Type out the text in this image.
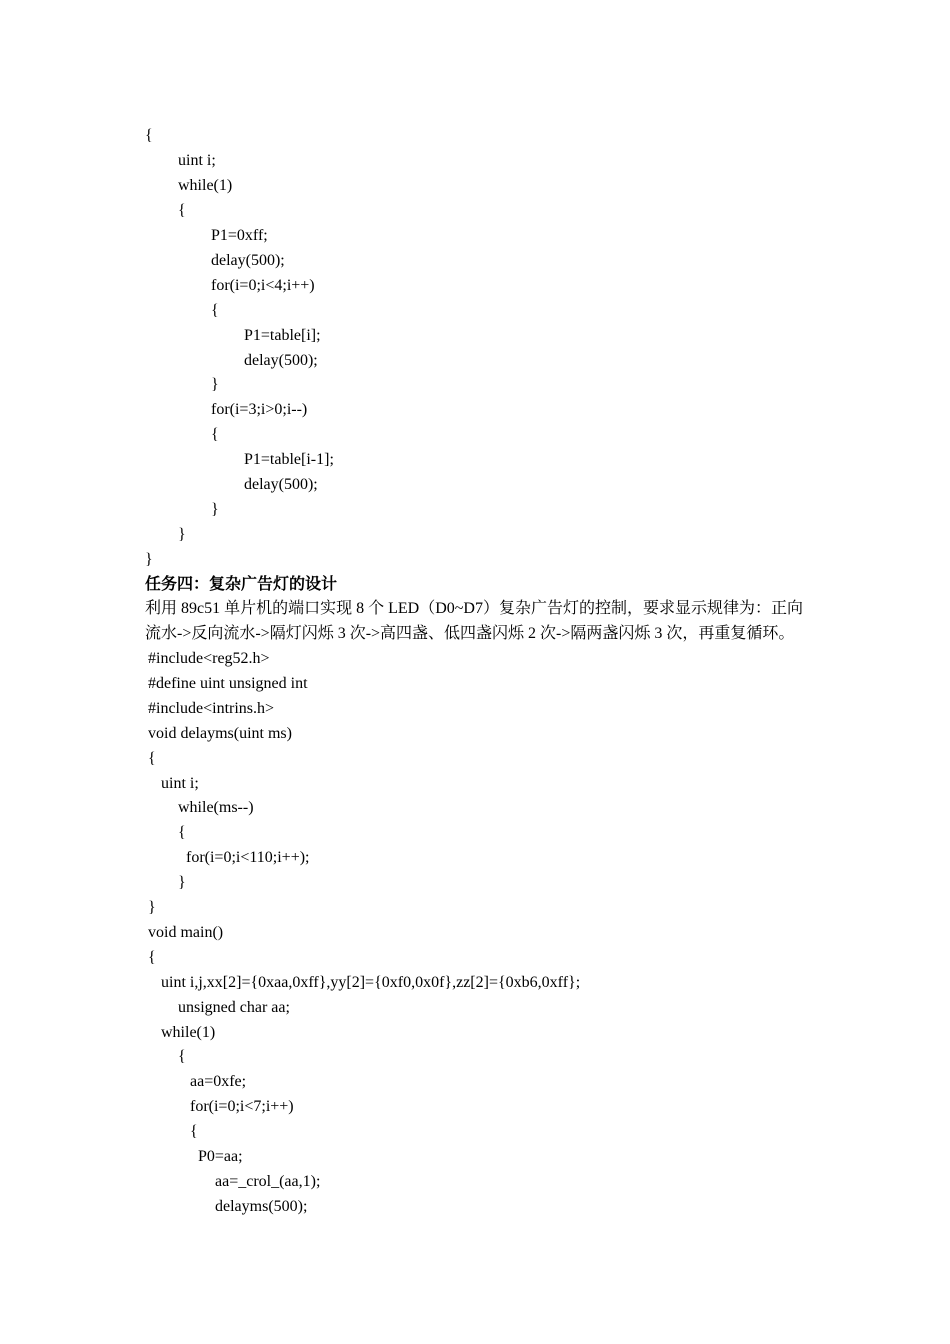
{
uint i;
while(1)
{
P1=0xff;
delay(500);
for(i=0;i<4;i++)
{
P1=table[i];
delay(500);
}
for(i=3;i>0;i--)
{
P1=table[i-1];
delay(500);
}
}
}
任务四：复杂广告灯的设计
利用 89c51 单片机的端口实现 8 个 LED（D0~D7）复杂广告灯的控制，要求显示规律为：正向
流水->反向流水->隔灯闪烁 3 次->高四盏、低四盏闪烁 2 次->隔两盏闪烁 3 次，再重复循环。
#include<reg52.h>
#define uint unsigned int
#include<intrins.h>
void delayms(uint ms)
{
uint i;
while(ms--)
{
for(i=0;i<110;i++);
}
}
void main()
{
uint i,j,xx[2]={0xaa,0xff},yy[2]={0xf0,0x0f},zz[2]={0xb6,0xff};
unsigned char aa;
while(1)
{
aa=0xfe;
for(i=0;i<7;i++)
{
P0=aa;
aa=_crol_(aa,1);
delayms(500);
